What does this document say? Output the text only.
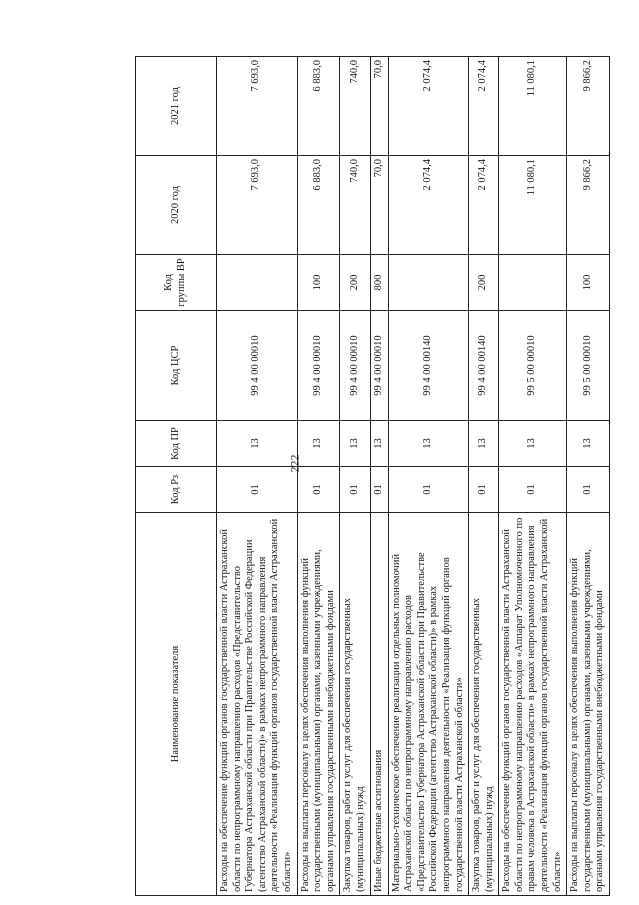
222
Наименование показателя	Код Рз	Код ПР	Код ЦСР	Код группы ВР	2020 год	2021 год
Расходы на обеспечение функций органов государственной власти Астраханской области по непрограммному направлению расходов «Представительство Губернатора Астраханской области при Правительстве Российской Федерации (агентство Астраханской области)» в рамках непрограммного направления деятельности «Реализация функций органов государственной власти Астраханской области»	01	13	99 4 00 00010		7 693,0	7 693,0
Расходы на выплаты персоналу в целях обеспечения выполнения функций государственными (муниципальными) органами, казенными учреждениями, органами управления государственными внебюджетными фондами	01	13	99 4 00 00010	100	6 883,0	6 883,0
Закупка товаров, работ и услуг для обеспечения государственных (муниципальных) нужд	01	13	99 4 00 00010	200	740,0	740,0
Иные бюджетные ассигнования	01	13	99 4 00 00010	800	70,0	70,0
Материально-техническое обеспечение реализации отдельных полномочий Астраханской области по непрограммному направлению расходов «Представительство Губернатора Астраханской области при Правительстве Российской Федерации (агентство Астраханской области)» в рамках непрограммного направления деятельности «Реализация функций органов государственной власти Астраханской области»	01	13	99 4 00 00140		2 074,4	2 074,4
Закупка товаров, работ и услуг для обеспечения государственных (муниципальных) нужд	01	13	99 4 00 00140	200	2 074,4	2 074,4
Расходы на обеспечение функций органов государственной власти Астраханской области по непрограммному направлению расходов «Аппарат Уполномоченного по правам человека в Астраханской области» в рамках непрограммного направления деятельности «Реализация функций органов государственной власти Астраханской области»	01	13	99 5 00 00010		11 080,1	11 080,1
Расходы на выплаты персоналу в целях обеспечения выполнения функций государственными (муниципальными) органами, казенными учреждениями, органами управления государственными внебюджетными фондами	01	13	99 5 00 00010	100	9 866,2	9 866,2
